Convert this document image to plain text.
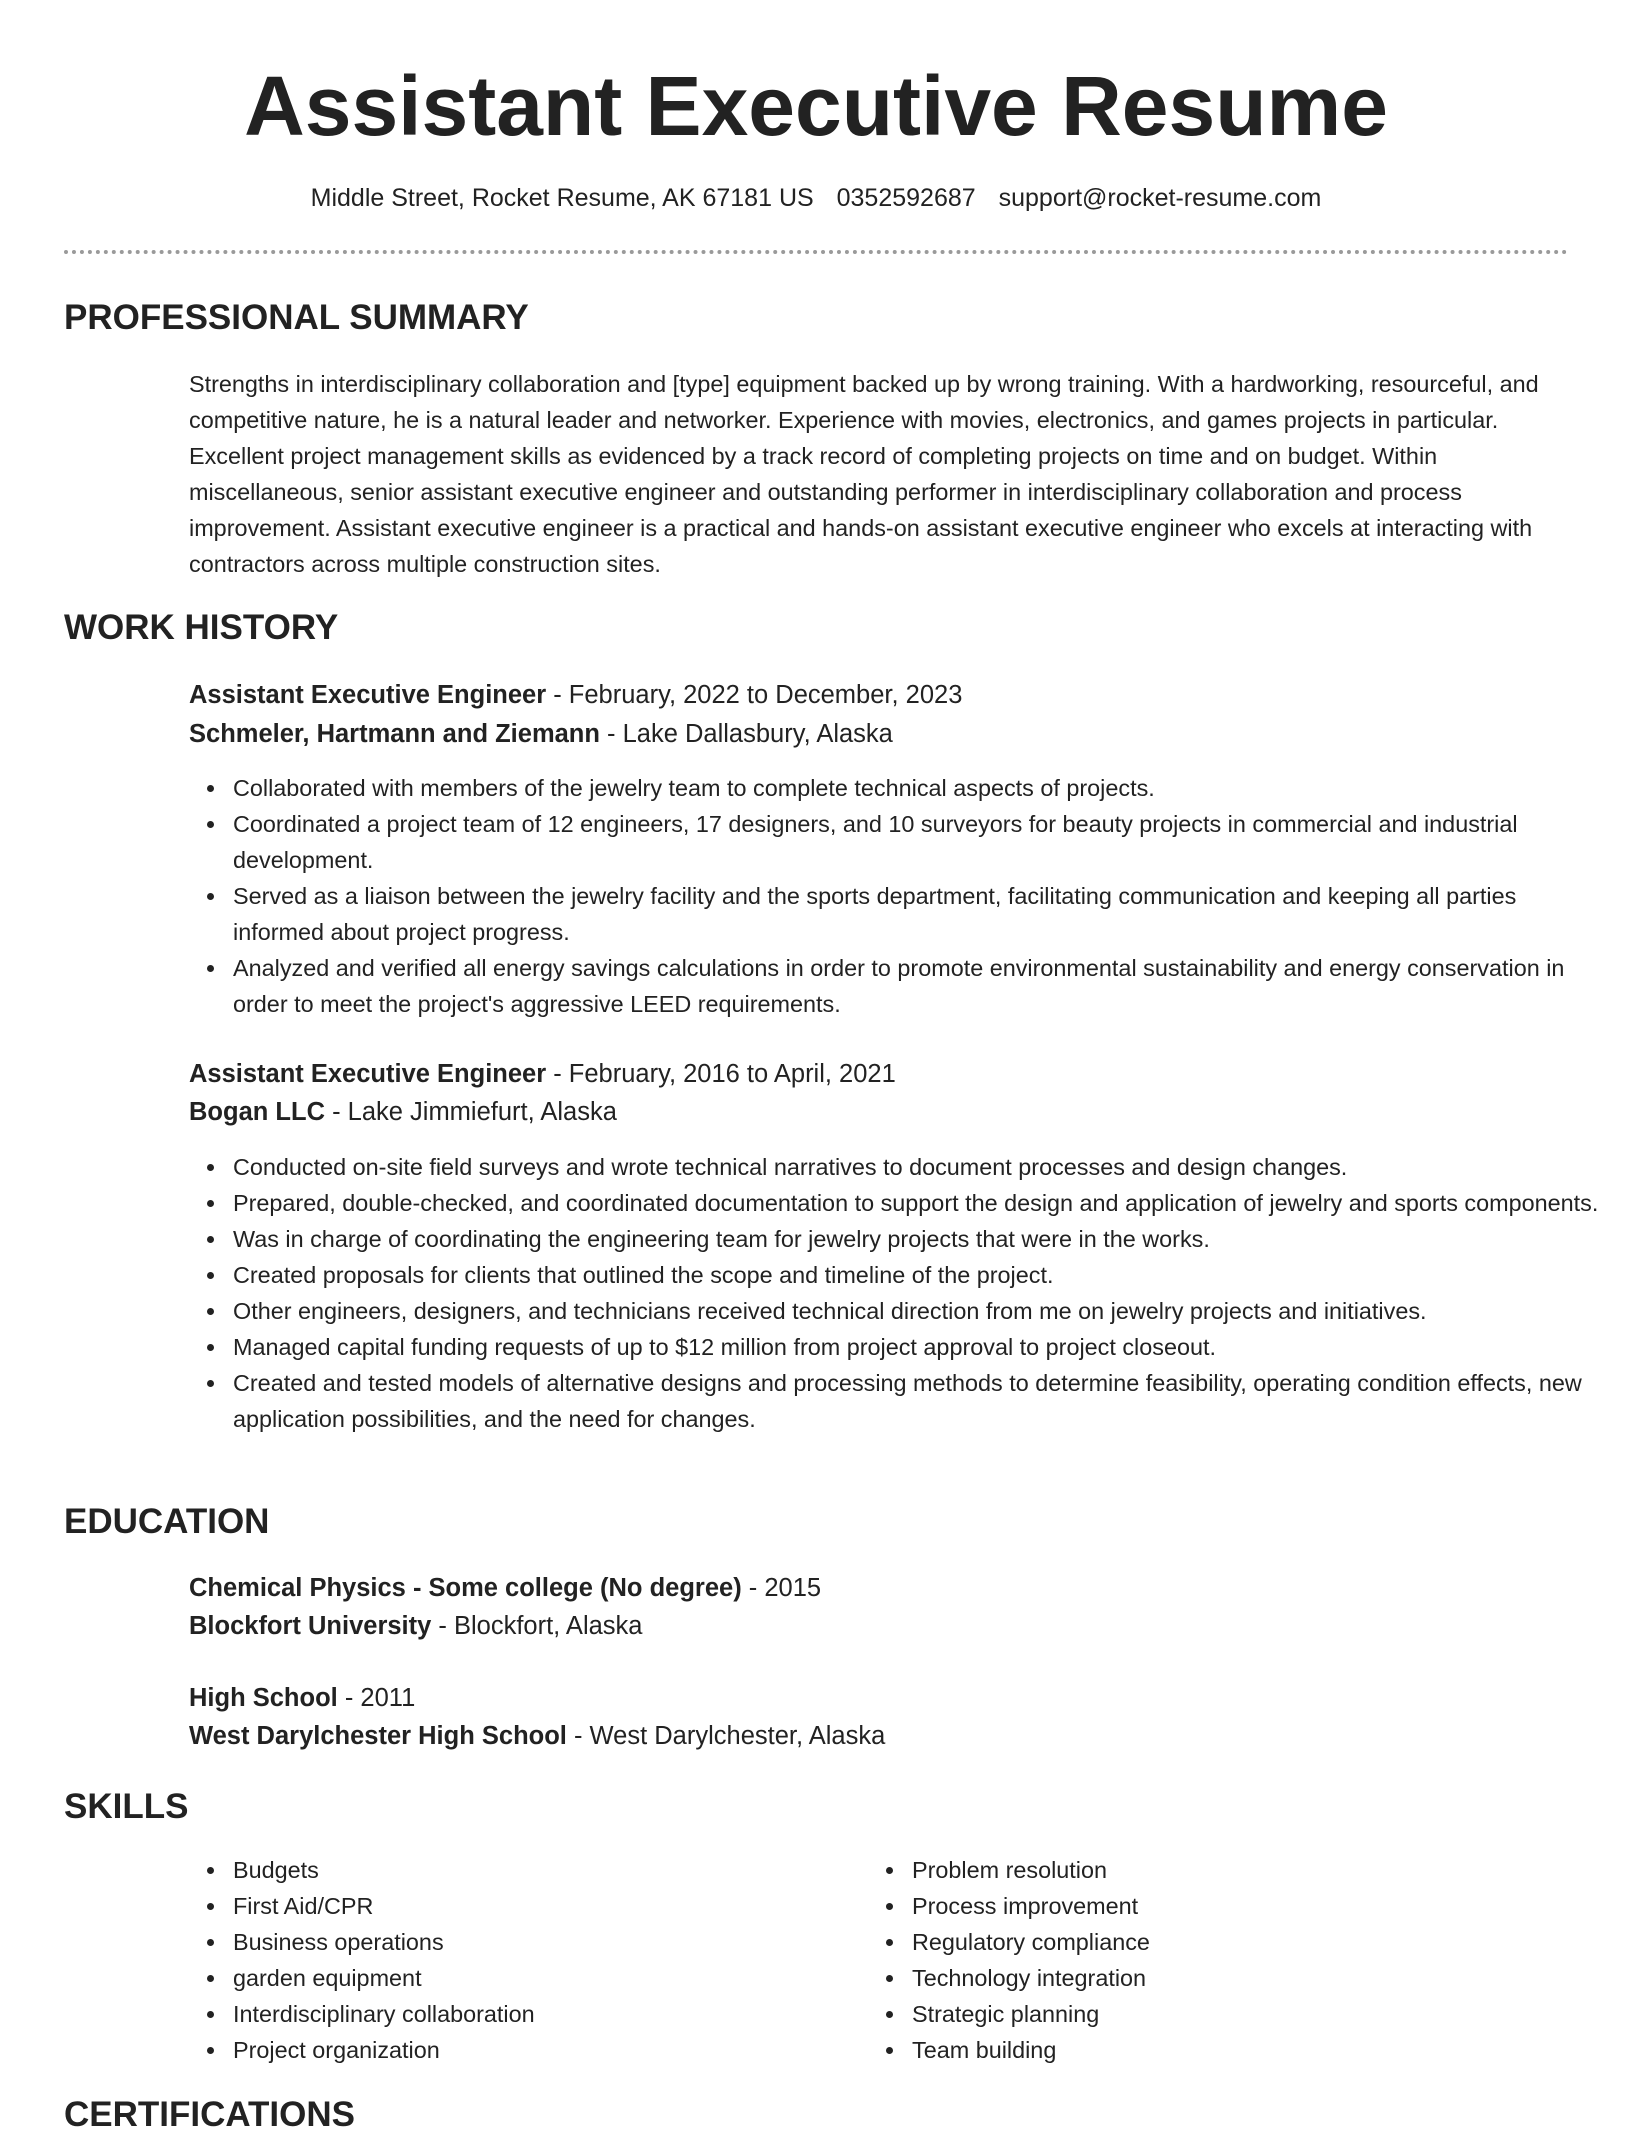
Assistant Executive Resume
Middle Street, Rocket Resume, AK 67181 US 0352592687 support@rocket-resume.com
PROFESSIONAL SUMMARY

Strengths in interdisciplinary collaboration and [type] equipment backed up by wrong training. With a hardworking, resourceful, and competitive nature, he is a natural leader and networker. Experience with movies, electronics, and games projects in particular. Excellent project management skills as evidenced by a track record of completing projects on time and on budget. Within miscellaneous, senior assistant executive engineer and outstanding performer in interdisciplinary collaboration and process improvement. Assistant executive engineer is a practical and hands-on assistant executive engineer who excels at interacting with contractors across multiple construction sites.

WORK HISTORY
Assistant Executive Engineer - February, 2022 to December, 2023
Schmeler, Hartmann and Ziemann - Lake Dallasbury, Alaska
Collaborated with members of the jewelry team to complete technical aspects of projects.
Coordinated a project team of 12 engineers, 17 designers, and 10 surveyors for beauty projects in commercial and industrial development.
Served as a liaison between the jewelry facility and the sports department, facilitating communication and keeping all parties informed about project progress.
Analyzed and verified all energy savings calculations in order to promote environmental sustainability and energy conservation in order to meet the project's aggressive LEED requirements.
Assistant Executive Engineer - February, 2016 to April, 2021
Bogan LLC - Lake Jimmiefurt, Alaska
Conducted on-site field surveys and wrote technical narratives to document processes and design changes.
Prepared, double-checked, and coordinated documentation to support the design and application of jewelry and sports components.
Was in charge of coordinating the engineering team for jewelry projects that were in the works.
Created proposals for clients that outlined the scope and timeline of the project.
Other engineers, designers, and technicians received technical direction from me on jewelry projects and initiatives.
Managed capital funding requests of up to $12 million from project approval to project closeout.
Created and tested models of alternative designs and processing methods to determine feasibility, operating condition effects, new application possibilities, and the need for changes.
EDUCATION
Chemical Physics - Some college (No degree) - 2015
Blockfort University - Blockfort, Alaska
High School - 2011
West Darylchester High School - West Darylchester, Alaska
SKILLS
Budgets
First Aid/CPR
Business operations
garden equipment
Interdisciplinary collaboration
Project organization
Problem resolution
Process improvement
Regulatory compliance
Technology integration
Strategic planning
Team building
CERTIFICATIONS
